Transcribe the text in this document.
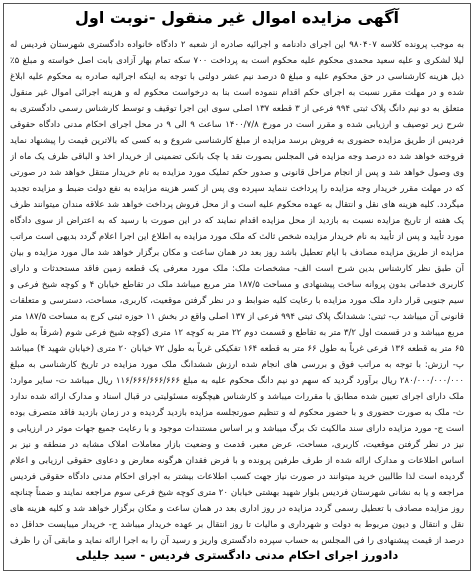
آگهی مزایده اموال غیر منقول -نوبت اول
به موجب پرونده کلاسه ۹۸۰۴۰۷ این اجرای دادنامه و اجرائیه صادره از شعبه ۲ دادگاه خانواده دادگستری شهرستان فردیس له لیلا لشکری و علیه سعید محمدی محکوم علیه محکوم است به پرداخت ۷۰۰ سکه تمام بهار آزادی بابت اصل خواسته و مبلغ ۵٪ ذیل هزینه کارشناسی در حق محکوم علیه و مبلغ ۵ درصد نیم عشر دولتی با توجه به اینکه اجرائیه صادره به محکوم علیه ابلاغ شده و در مهلت مقرر نسبت به اجرای حکم اقدام ننموده است بنا به درخواست محکوم له و هزینه اجرائی اموال غیر منقول متعلق به دو نیم دانگ پلاک ثبتی ۹۹۴ فرعی از ۳ قطعه ۱۳۷ اصلی سوی این اجرا توقیف و توسط کارشناس رسمی دادگستری به شرح زیر توصیف و ارزیابی شده و مقرر است در مورخ ۱۴۰۰/۷/۸ ساعت ۹ الی ۹ در محل اجرای احکام مدنی دادگاه حقوقی فردیس از طریق مزایده حضوری به فروش برسد مزایده از مبلغ کارشناسی شروع و به کسی که بالاترین قیمت را پیشنهاد نماید فروخته خواهد شد ده درصد وجه مزایده فی المجلس بصورت نقد یا چک بانکی تضمینی از خریدار اخذ و الباقی ظرف یک ماه از وی وصول خواهد شد و پس از انجام مراحل قانونی و صدور حکم تملیک مورد مزایده به نام خریدار منتقل خواهد شد در صورتی که در مهلت مقرر خریدار وجه مزایده را پرداخت ننماید سپرده وی پس از کسر هزینه مزایده به نفع دولت ضبط و مزایده تجدید میگردد. کلیه هزینه های نقل و انتقال به عهده محکوم علیه است و از محل فروش پرداخت خواهد شد علاقه مندان میتوانند ظرف یک هفته از تاریخ مزایده نسبت به بازدید از محل مزایده اقدام نمایند که در این صورت با رسید که به اعتراض از سوی دادگاه مورد تأیید و پس از تأیید به نام خریدار مزایده شخص ثالث که ملک مورد مزایده به اطلاع این اجرا اعلام گردد بدیهی است مراتب مزایده از طریق مزایده مصادف با ایام تعطیل باشد روز بعد در همان ساعت و مکان برگزار خواهد شد مال مورد مزایده و بیان آن طبق نظر کارشناس بدین شرح است الف- مشخصات ملک: ملک مورد معرفی یک قطعه زمین فاقد مستحدثات و دارای کاربری خدماتی بدون پروانه ساخت پیشنهادی و مساحت ۱۸۷/۵ متر مربع میباشد ملک در تقاطع خیابان ۴ و کوچه شیخ فرعی و سیم جنوبی قرار دارد ملک مورد مزایده با رعایت کلیه ضوابط و در نظر گرفتن موقعیت، کاربری، مساحت، دسترسی و متعلقات قانونی آن میباشد ب- ثبتی: ششدانگ پلاک ثبتی ۹۹۴ فرعی از ۱۳۷ اصلی واقع در بخش ۱۱ حوزه ثبتی کرج به مساحت ۱۸۷/۵ متر مربع میباشد و در قسمت اول ۳/۲ متر به تقاطع و قسمت دوم ۲۲ متر به کوچه ۱۲ متری (کوچه شیخ فرعی شوم (شرقاً به طول ۶۵ متر به قطعه ۱۳۶ فرعی غرباً به طول ۶۶ متر به قطعه ۱۶۴ تفکیکی غرباً به طول ۷۲ خیابان ۲۰ متری (خیابان شهید ۴) میباشد پ- ارزش: با توجه به مراتب فوق و بررسی های انجام شده ارزش ششدانگ ملک مورد مزایده در تاریخ کارشناسی به مبلغ ۲۸۰/۰۰۰/۰۰۰/۰۰۰ ریال برآورد گردید که سهم دو نیم دانگ محکوم علیه به مبلغ ۱۱۶/۶۶۶/۶۶۶/۶۶۶ ریال میباشد ت- سایر موارد: ملک دارای اجرای تعیین شده مطابق با مقررات میباشد و کارشناس هیچگونه مسئولیتی در قبال اسناد و مدارک ارائه شده ندارد ث- ملک به صورت حضوری و با حضور محکوم له و تنظیم صورتجلسه مزایده بازدید گردیده و در زمان بازدید فاقد متصرف بوده است ج- مورد مزایده دارای سند مالکیت تک برگ میباشد و بر اساس مستندات موجود و با رعایت جمیع جهات موثر در ارزیابی و نیز در نظر گرفتن موقعیت، کاربری، مساحت، عرض معبر، قدمت و وضعیت بازار معاملات املاک مشابه در منطقه و نیز بر اساس اطلاعات و مدارک ارائه شده از طرف طرفین پرونده و با فرض فقدان هرگونه معارض و دعاوی حقوقی ارزیابی و اعلام گردیده است لذا طالبین خرید میتوانند در صورت نیاز جهت کسب اطلاعات بیشتر به اجرای احکام مدنی دادگاه حقوقی فردیس مراجعه و یا به نشانی شهرستان فردیس بلوار شهید بهشتی خیابان ۲۰ متری کوچه شیخ فرعی سوم مراجعه نمایند و ضمناً چنانچه روز مزایده مصادف با تعطیل رسمی گردد مزایده در روز اداری بعد در همان ساعت و مکان برگزار خواهد شد و کلیه هزینه های نقل و انتقال و دیون مربوط به دولت و شهرداری و مالیات تا روز انتقال بر عهده خریدار میباشد ح- خریدار میبایست حداقل ده درصد از قیمت پیشنهادی را فی المجلس به حساب سپرده دادگستری واریز و رسید آن را به اجرا ارائه نماید و مابقی آن را ظرف
دادورز اجرای احکام مدنی دادگستری فردیس - سید جلیلی
